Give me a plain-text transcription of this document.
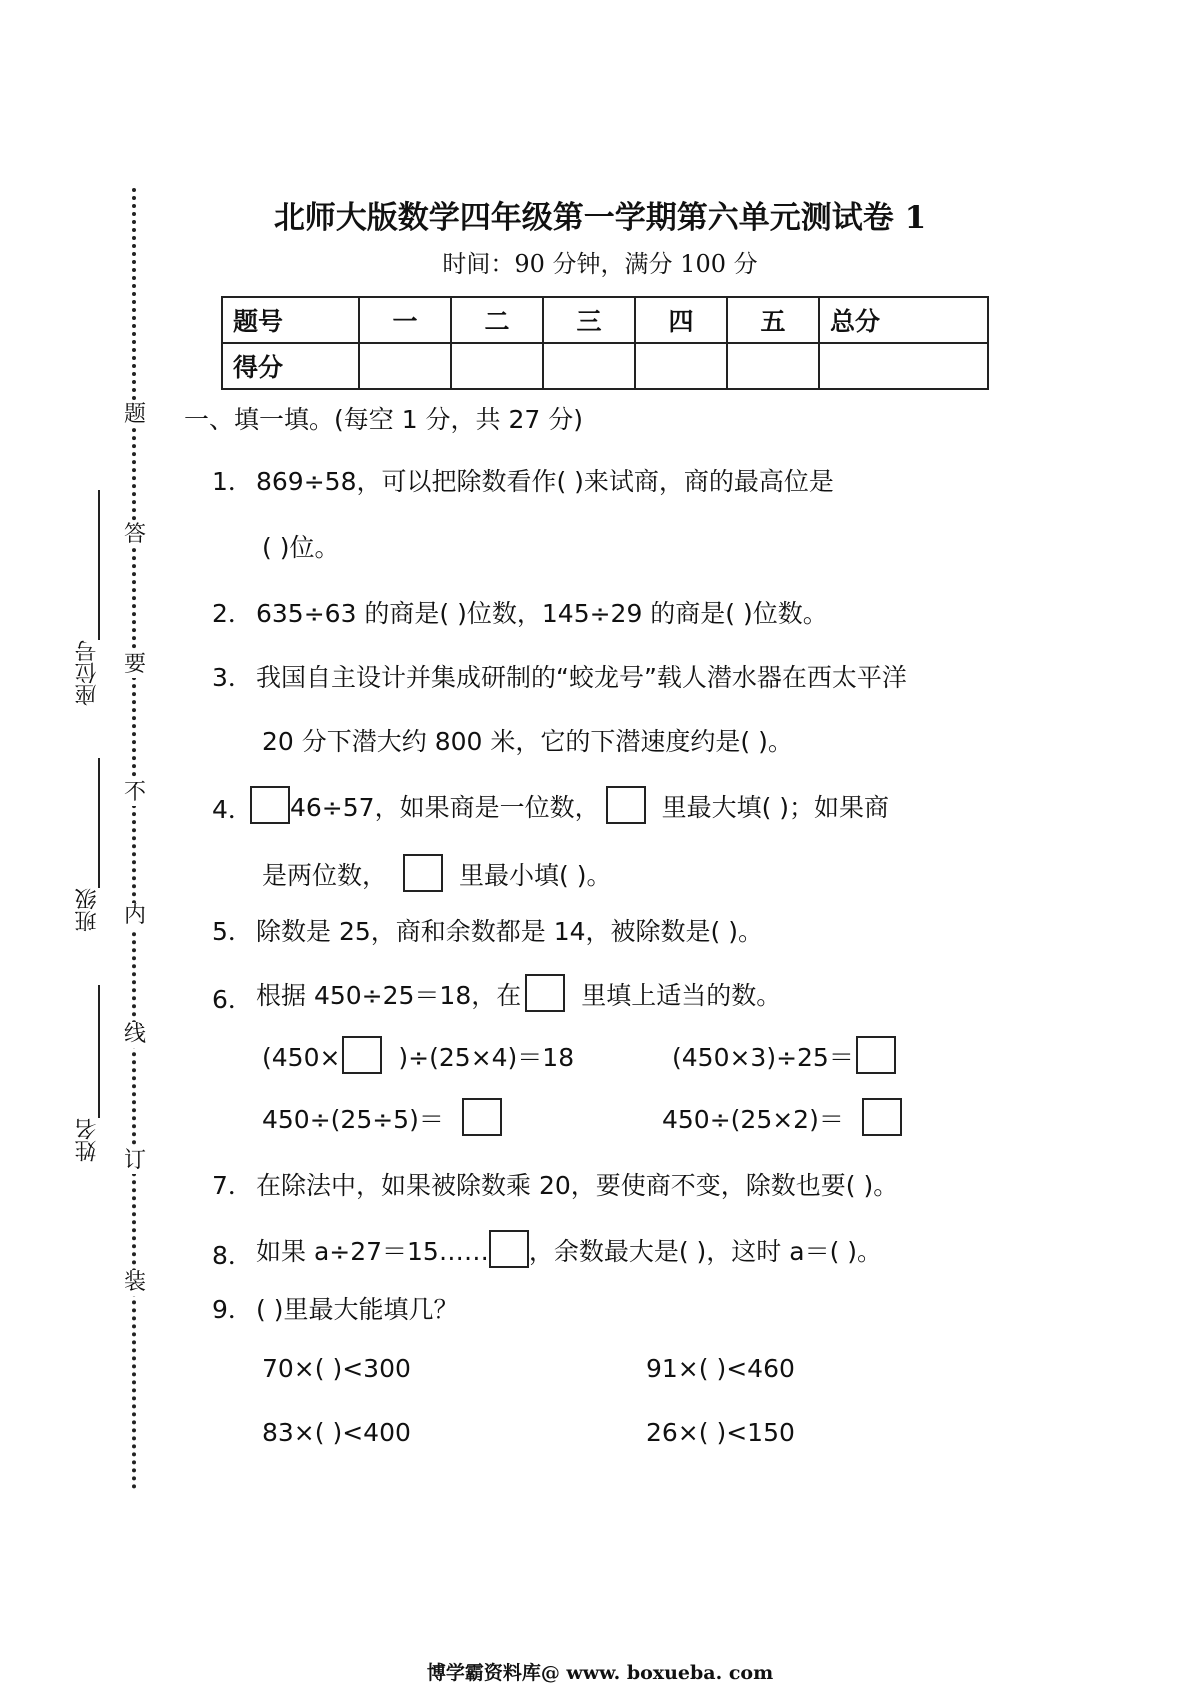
题
答
要
不
内
线
订
装
座位号
班级
姓名
北师大版数学四年级第一学期第六单元测试卷 1
时间：90 分钟，满分 100 分
题号	一	二	三	四	五	总分
得分						
一、填一填。(每空 1 分，共 27 分)
1． 869÷58，可以把除数看作( )来试商，商的最高位是
( )位。
2． 635÷63 的商是( )位数，145÷29 的商是( )位数。
3． 我国自主设计并集成研制的“蛟龙号”载人潜水器在西太平洋
20 分下潜大约 800 米，它的下潜速度约是( )。
4．	46÷57，如果商是一位数， 里最大填( )；如果商
是两位数，	里最小填( )。
5． 除数是 25，商和余数都是 14，被除数是( )。
6． 根据 450÷25＝18，在 里填上适当的数。
(450× )÷(25×4)＝18	(450×3)÷25＝
450÷(25÷5)＝	450÷(25×2)＝
7． 在除法中，如果被除数乘 20，要使商不变，除数也要( )。
8． 如果 a÷27＝15…… ，余数最大是( )，这时 a＝( )。
9． ( )里最大能填几？
70×( )<300	91×( )<460
83×( )<400	26×( )<150
博学霸资料库@ www. boxueba. com
